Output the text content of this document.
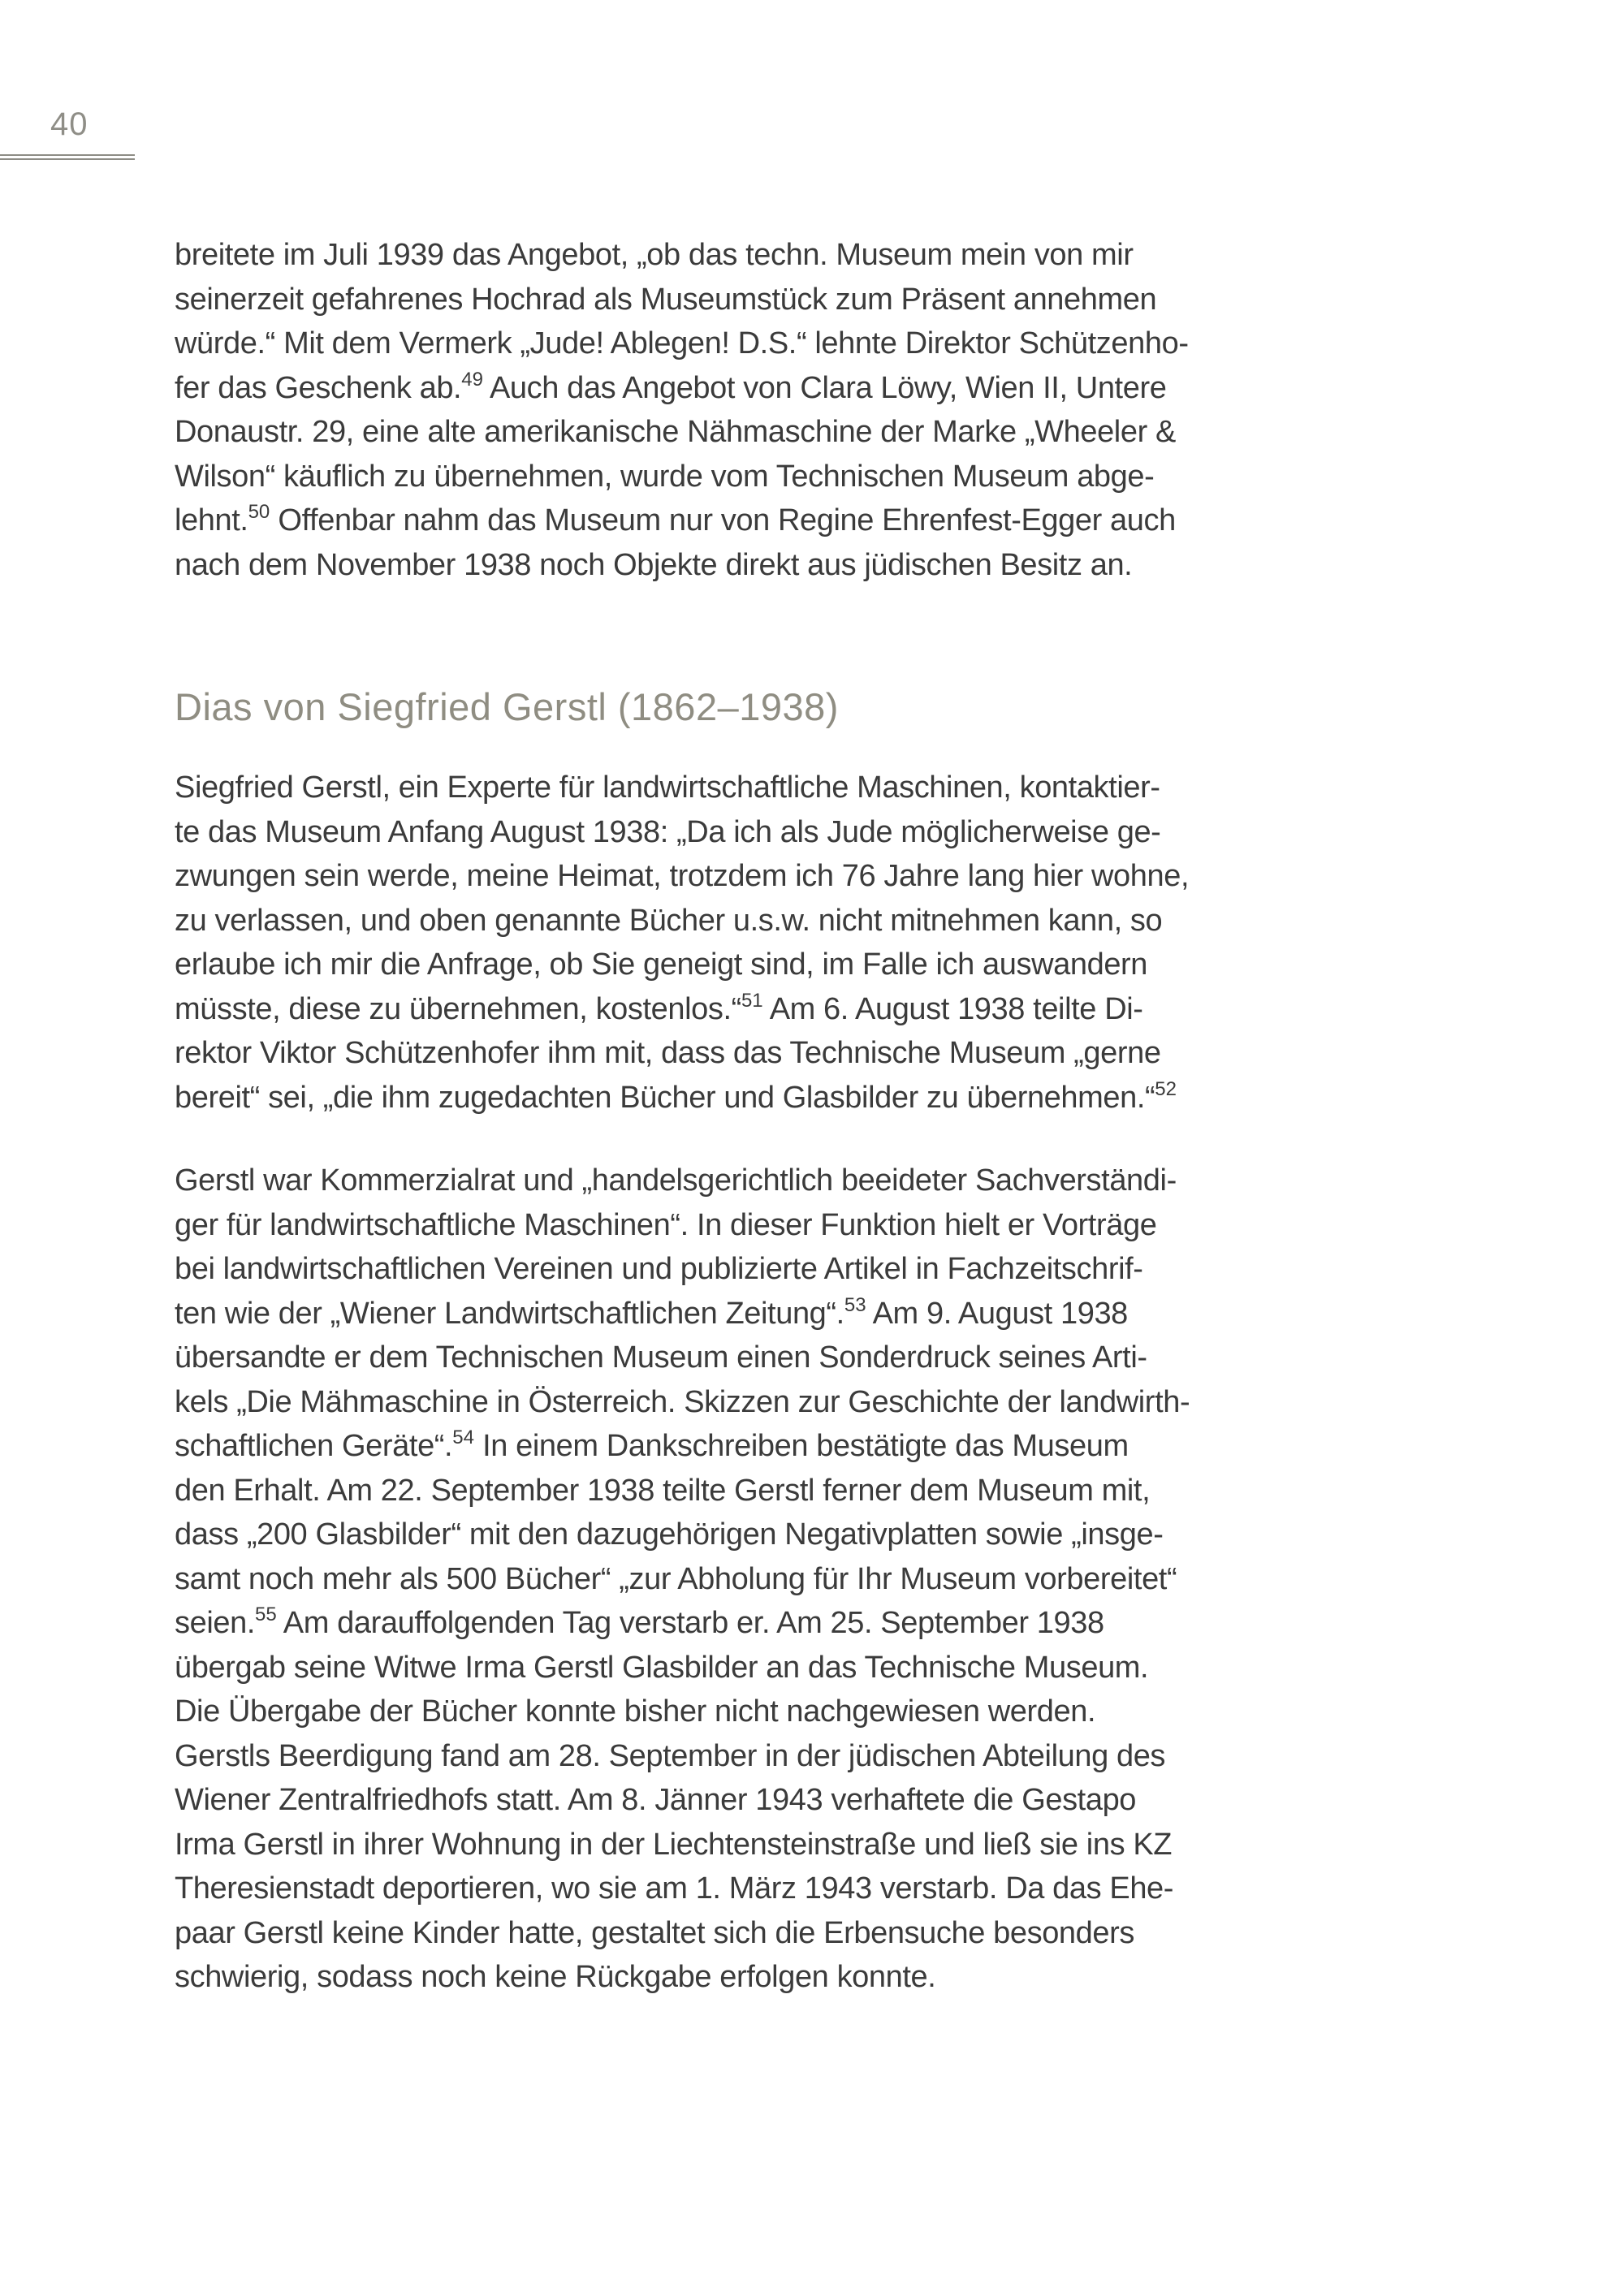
40
breitete im Juli 1939 das Angebot, „ob das techn. Museum mein von mir
seinerzeit gefahrenes Hochrad als Museumstück zum Präsent annehmen
würde.“ Mit dem Vermerk „Jude! Ablegen! D.S.“ lehnte Direktor Schützenho-
fer das Geschenk ab.$^{49}$ Auch das Angebot von Clara Löwy, Wien II, Untere
Donaustr. 29, eine alte amerikanische Nähmaschine der Marke „Wheeler &
Wilson“ käuflich zu übernehmen, wurde vom Technischen Museum abge-
lehnt.$^{50}$ Offenbar nahm das Museum nur von Regine Ehrenfest-Egger auch
nach dem November 1938 noch Objekte direkt aus jüdischen Besitz an.
Dias von Siegfried Gerstl (1862–1938)
Siegfried Gerstl, ein Experte für landwirtschaftliche Maschinen, kontaktier-
te das Museum Anfang August 1938: „Da ich als Jude möglicherweise ge-
zwungen sein werde, meine Heimat, trotzdem ich 76 Jahre lang hier wohne,
zu verlassen, und oben genannte Bücher u.s.w. nicht mitnehmen kann, so
erlaube ich mir die Anfrage, ob Sie geneigt sind, im Falle ich auswandern
müsste, diese zu übernehmen, kostenlos.“$^{51}$ Am 6. August 1938 teilte Di-
rektor Viktor Schützenhofer ihm mit, dass das Technische Museum „gerne
bereit“ sei, „die ihm zugedachten Bücher und Glasbilder zu übernehmen.“$^{52}$
Gerstl war Kommerzialrat und „handelsgerichtlich beeideter Sachverständi-
ger für landwirtschaftliche Maschinen“. In dieser Funktion hielt er Vorträge
bei landwirtschaftlichen Vereinen und publizierte Artikel in Fachzeitschrif-
ten wie der „Wiener Landwirtschaftlichen Zeitung“.$^{53}$ Am 9. August 1938
übersandte er dem Technischen Museum einen Sonderdruck seines Arti-
kels „Die Mähmaschine in Österreich. Skizzen zur Geschichte der landwirth-
schaftlichen Geräte“.$^{54}$ In einem Dankschreiben bestätigte das Museum
den Erhalt. Am 22. September 1938 teilte Gerstl ferner dem Museum mit,
dass „200 Glasbilder“ mit den dazugehörigen Negativplatten sowie „insge-
samt noch mehr als 500 Bücher“ „zur Abholung für Ihr Museum vorbereitet“
seien.$^{55}$ Am darauffolgenden Tag verstarb er. Am 25. September 1938
übergab seine Witwe Irma Gerstl Glasbilder an das Technische Museum.
Die Übergabe der Bücher konnte bisher nicht nachgewiesen werden.
Gerstls Beerdigung fand am 28. September in der jüdischen Abteilung des
Wiener Zentralfriedhofs statt. Am 8. Jänner 1943 verhaftete die Gestapo
Irma Gerstl in ihrer Wohnung in der Liechtensteinstraße und ließ sie ins KZ
Theresienstadt deportieren, wo sie am 1. März 1943 verstarb. Da das Ehe-
paar Gerstl keine Kinder hatte, gestaltet sich die Erbensuche besonders
schwierig, sodass noch keine Rückgabe erfolgen konnte.
